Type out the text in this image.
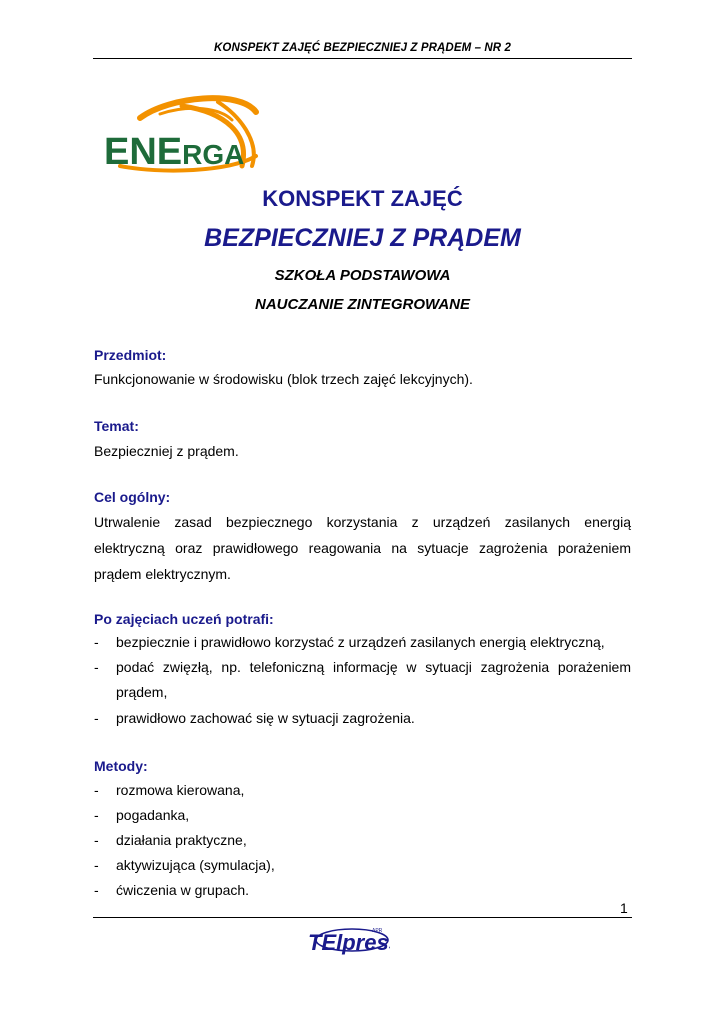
KONSPEKT ZAJĘĆ BEZPIECZNIEJ Z PRĄDEM – NR 2
ENERGA
KONSPEKT ZAJĘĆ
BEZPIECZNIEJ Z PRĄDEM
SZKOŁA PODSTAWOWA
NAUCZANIE ZINTEGROWANE
Przedmiot:
Funkcjonowanie w środowisku (blok trzech zajęć lekcyjnych).
Temat:
Bezpieczniej z prądem.
Cel ogólny:
Utrwalenie zasad bezpiecznego korzystania z urządzeń zasilanych energią elektryczną oraz prawidłowego reagowania na sytuacje zagrożenia porażeniem prądem elektrycznym.
Po zajęciach uczeń potrafi:
-	bezpiecznie i prawidłowo korzystać z urządzeń zasilanych energią elektryczną,
-	podać zwięzłą, np. telefoniczną informację w sytuacji zagrożenia porażeniem prądem,
-	prawidłowo zachować się w sytuacji zagrożenia.
Metody:
-	rozmowa kierowana,
-	pogadanka,
-	działania praktyczne,
-	aktywizująca (symulacja),
-	ćwiczenia w grupach.
1
TElpres
APR
